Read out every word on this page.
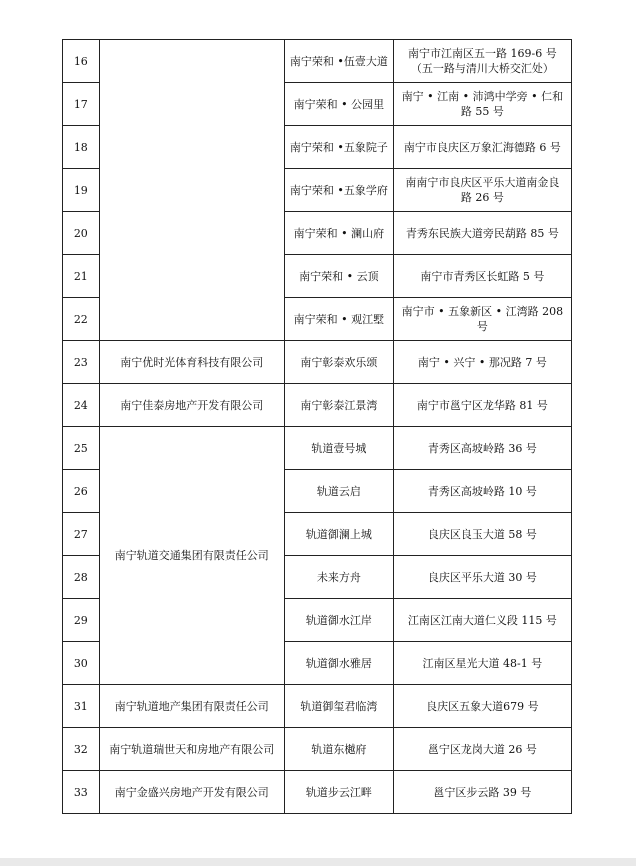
16		南宁荣和 •伍壹大道	南宁市江南区五一路 169-6 号
（五一路与清川大桥交汇处）

17		南宁荣和 • 公园里	南宁 • 江南 • 沛鸿中学旁 • 仁和
路 55 号

18		南宁荣和 •五象院子	南宁市良庆区万象汇海德路 6 号

19		南宁荣和 •五象学府	南南宁市良庆区平乐大道南金良
路 26 号

20		南宁荣和 • 澜山府	青秀东民族大道旁民葫路 85 号

21		南宁荣和 • 云顶	南宁市青秀区长虹路 5 号

22		南宁荣和 • 观江墅	南宁市 • 五象新区 • 江湾路 208
号

23	南宁优时光体育科技有限公司	南宁彰泰欢乐颂	南宁 • 兴宁 • 那况路 7 号

24	南宁佳泰房地产开发有限公司	南宁彰泰江景湾	南宁市邕宁区龙华路 81 号

25	南宁轨道交通集团有限责任公司	轨道壹号城	青秀区高坡岭路 36 号

26		轨道云启	青秀区高坡岭路 10 号

27		轨道御澜上城	良庆区良玉大道 58 号

28		未来方舟	良庆区平乐大道 30 号

29		轨道御水江岸	江南区江南大道仁义段 115 号

30		轨道御水雅居	江南区星光大道 48-1 号

31	南宁轨道地产集团有限责任公司	轨道御玺君临湾	良庆区五象大道679 号

32	南宁轨道瑞世天和房地产有限公司	轨道东樾府	邕宁区龙岗大道 26 号

33	南宁金盛兴房地产开发有限公司	轨道步云江畔	邕宁区步云路 39 号
